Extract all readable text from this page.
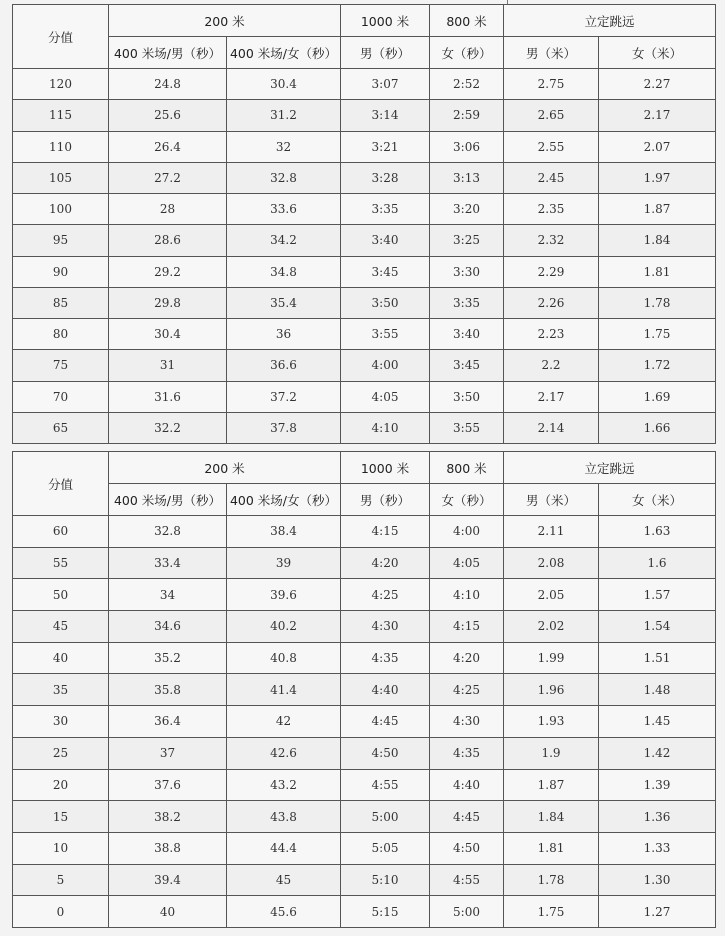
分值	200 米		1000 米	800 米	立定跳远	
	400 米场/男（秒）	400 米场/女（秒）	男（秒）	女（秒）	男（米）	女（米）
120	24.8	30.4	3:07	2:52	2.75	2.27
115	25.6	31.2	3:14	2:59	2.65	2.17
110	26.4	32	3:21	3:06	2.55	2.07
105	27.2	32.8	3:28	3:13	2.45	1.97
100	28	33.6	3:35	3:20	2.35	1.87
95	28.6	34.2	3:40	3:25	2.32	1.84
90	29.2	34.8	3:45	3:30	2.29	1.81
85	29.8	35.4	3:50	3:35	2.26	1.78
80	30.4	36	3:55	3:40	2.23	1.75
75	31	36.6	4:00	3:45	2.2	1.72
70	31.6	37.2	4:05	3:50	2.17	1.69
65	32.2	37.8	4:10	3:55	2.14	1.66
分值	200 米		1000 米	800 米	立定跳远	
	400 米场/男（秒）	400 米场/女（秒）	男（秒）	女（秒）	男（米）	女（米）
60	32.8	38.4	4:15	4:00	2.11	1.63
55	33.4	39	4:20	4:05	2.08	1.6
50	34	39.6	4:25	4:10	2.05	1.57
45	34.6	40.2	4:30	4:15	2.02	1.54
40	35.2	40.8	4:35	4:20	1.99	1.51
35	35.8	41.4	4:40	4:25	1.96	1.48
30	36.4	42	4:45	4:30	1.93	1.45
25	37	42.6	4:50	4:35	1.9	1.42
20	37.6	43.2	4:55	4:40	1.87	1.39
15	38.2	43.8	5:00	4:45	1.84	1.36
10	38.8	44.4	5:05	4:50	1.81	1.33
5	39.4	45	5:10	4:55	1.78	1.30
0	40	45.6	5:15	5:00	1.75	1.27
